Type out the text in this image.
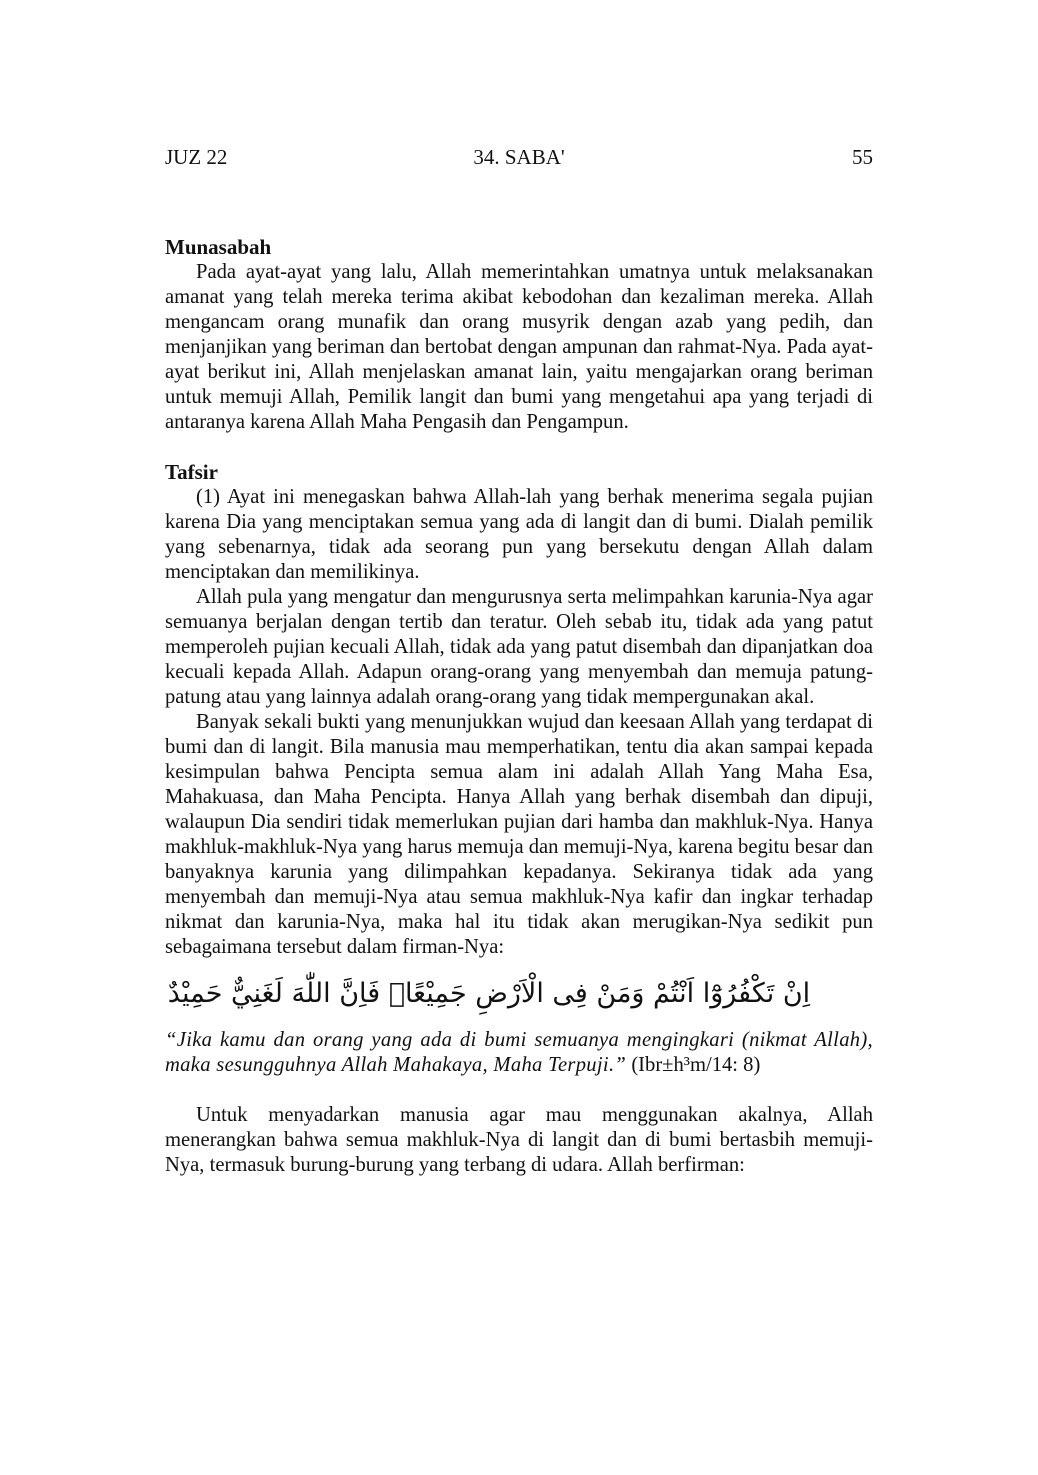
JUZ 22	34. SABA'	55
Munasabah

Pada ayat-ayat yang lalu, Allah memerintahkan umatnya untuk melaksanakan amanat yang telah mereka terima akibat kebodohan dan kezaliman mereka. Allah mengancam orang munafik dan orang musyrik dengan azab yang pedih, dan menjanjikan yang beriman dan bertobat dengan ampunan dan rahmat-Nya. Pada ayat-ayat berikut ini, Allah menjelaskan amanat lain, yaitu mengajarkan orang beriman untuk memuji Allah, Pemilik langit dan bumi yang mengetahui apa yang terjadi di antaranya karena Allah Maha Pengasih dan Pengampun.

Tafsir

(1) Ayat ini menegaskan bahwa Allah-lah yang berhak menerima segala pujian karena Dia yang menciptakan semua yang ada di langit dan di bumi. Dialah pemilik yang sebenarnya, tidak ada seorang pun yang bersekutu dengan Allah dalam menciptakan dan memilikinya.

Allah pula yang mengatur dan mengurusnya serta melimpahkan karunia-Nya agar semuanya berjalan dengan tertib dan teratur. Oleh sebab itu, tidak ada yang patut memperoleh pujian kecuali Allah, tidak ada yang patut disembah dan dipanjatkan doa kecuali kepada Allah. Adapun orang-orang yang menyembah dan memuja patung-patung atau yang lainnya adalah orang-orang yang tidak mempergunakan akal.

Banyak sekali bukti yang menunjukkan wujud dan keesaan Allah yang terdapat di bumi dan di langit. Bila manusia mau memperhatikan, tentu dia akan sampai kepada kesimpulan bahwa Pencipta semua alam ini adalah Allah Yang Maha Esa, Mahakuasa, dan Maha Pencipta. Hanya Allah yang berhak disembah dan dipuji, walaupun Dia sendiri tidak memerlukan pujian dari hamba dan makhluk-Nya. Hanya makhluk-makhluk-Nya yang harus memuja dan memuji-Nya, karena begitu besar dan banyaknya karunia yang dilimpahkan kepadanya. Sekiranya tidak ada yang menyembah dan memuji-Nya atau semua makhluk-Nya kafir dan ingkar terhadap nikmat dan karunia-Nya, maka hal itu tidak akan merugikan-Nya sedikit pun sebagaimana tersebut dalam firman-Nya:

اِنْ تَكْفُرُوْٓا اَنْتُمْ وَمَنْ فِى الْاَرْضِ جَمِيْعًاۙ فَاِنَّ اللّٰهَ لَغَنِيٌّ حَمِيْدٌ

“Jika kamu dan orang yang ada di bumi semuanya mengingkari (nikmat Allah), maka sesungguhnya Allah Mahakaya, Maha Terpuji.” (Ibr±h³m/14: 8)

Untuk menyadarkan manusia agar mau menggunakan akalnya, Allah menerangkan bahwa semua makhluk-Nya di langit dan di bumi bertasbih memuji-Nya, termasuk burung-burung yang terbang di udara. Allah berfirman:
